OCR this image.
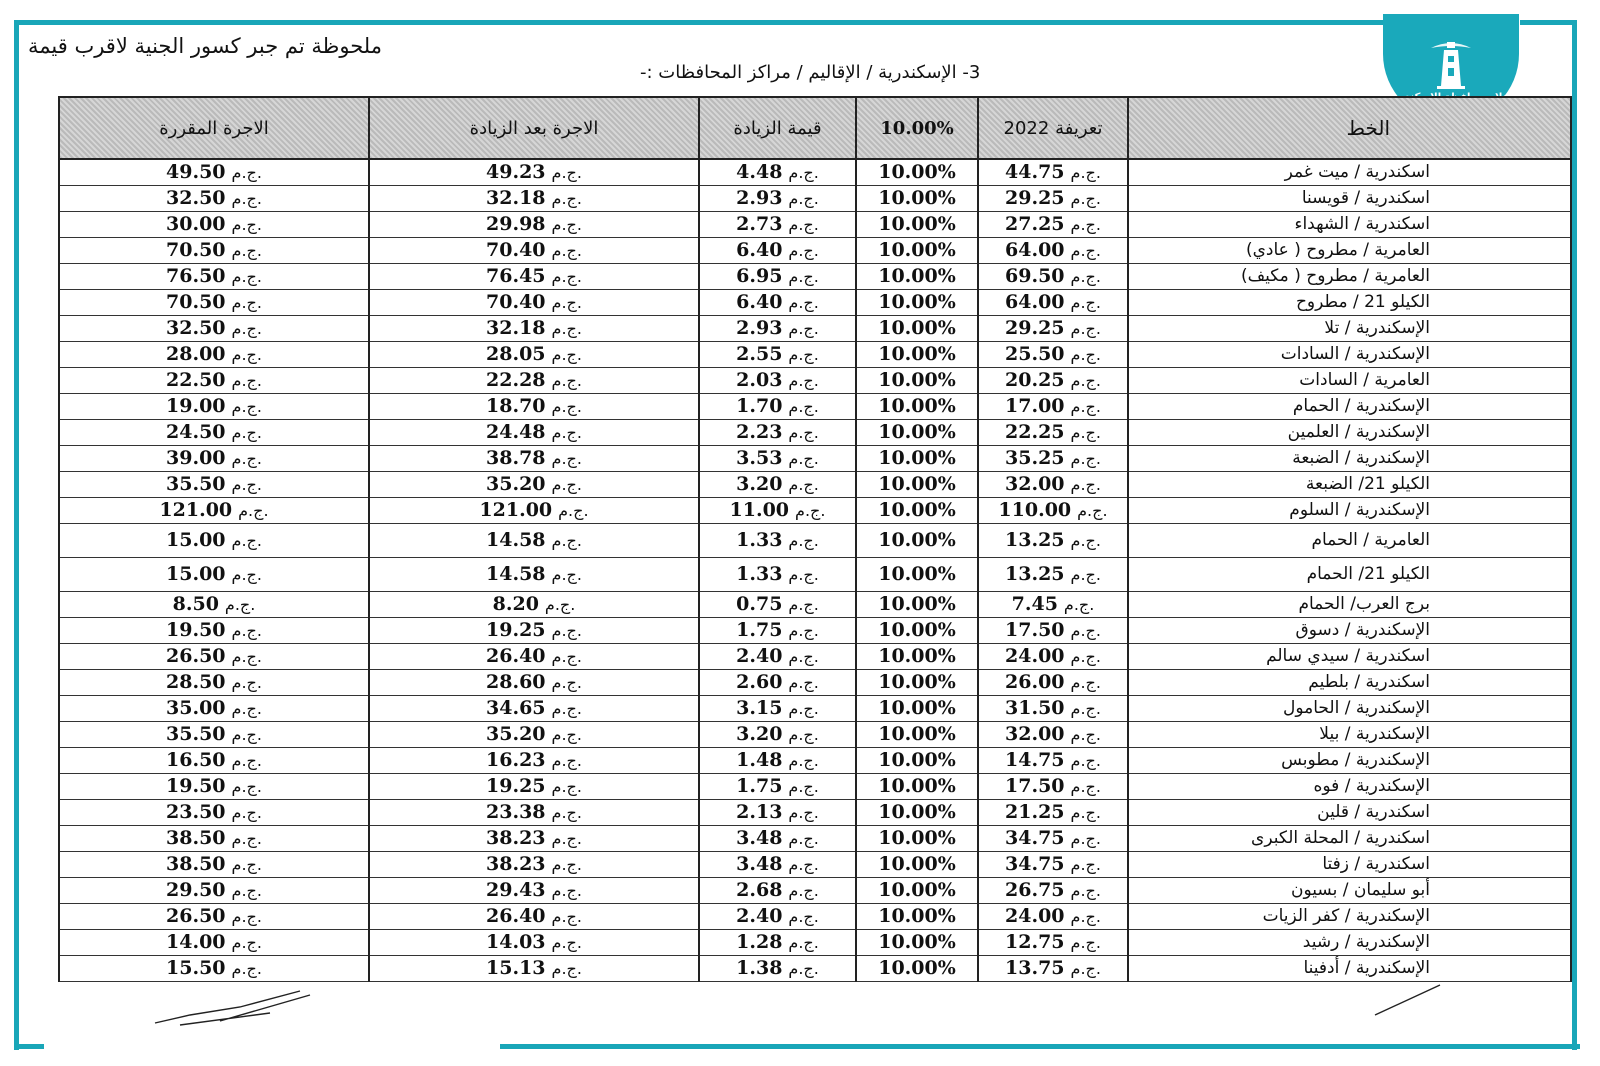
ملحوظة تم جبر كسور الجنية لاقرب قيمة
3- الإسكندرية / الإقاليم / مراكز المحافظات :-
الاجرة المقررة	الاجرة بعد الزيادة	قيمة الزيادة	10.00%	تعريفة 2022	الخط
49.50 ج.م.	49.23 ج.م.	4.48 ج.م.	10.00%	44.75 ج.م.	اسكندرية / ميت غمر
32.50 ج.م.	32.18 ج.م.	2.93 ج.م.	10.00%	29.25 ج.م.	اسكندرية / قويسنا
30.00 ج.م.	29.98 ج.م.	2.73 ج.م.	10.00%	27.25 ج.م.	اسكندرية / الشهداء
70.50 ج.م.	70.40 ج.م.	6.40 ج.م.	10.00%	64.00 ج.م.	العامرية / مطروح ( عادي)
76.50 ج.م.	76.45 ج.م.	6.95 ج.م.	10.00%	69.50 ج.م.	العامرية / مطروح ( مكيف)
70.50 ج.م.	70.40 ج.م.	6.40 ج.م.	10.00%	64.00 ج.م.	الكيلو 21 / مطروح
32.50 ج.م.	32.18 ج.م.	2.93 ج.م.	10.00%	29.25 ج.م.	الإسكندرية / تلا
28.00 ج.م.	28.05 ج.م.	2.55 ج.م.	10.00%	25.50 ج.م.	الإسكندرية / السادات
22.50 ج.م.	22.28 ج.م.	2.03 ج.م.	10.00%	20.25 ج.م.	العامرية / السادات
19.00 ج.م.	18.70 ج.م.	1.70 ج.م.	10.00%	17.00 ج.م.	الإسكندرية / الحمام
24.50 ج.م.	24.48 ج.م.	2.23 ج.م.	10.00%	22.25 ج.م.	الإسكندرية / العلمين
39.00 ج.م.	38.78 ج.م.	3.53 ج.م.	10.00%	35.25 ج.م.	الإسكندرية / الضبعة
35.50 ج.م.	35.20 ج.م.	3.20 ج.م.	10.00%	32.00 ج.م.	الكيلو 21/ الضبعة
121.00 ج.م.	121.00 ج.م.	11.00 ج.م.	10.00%	110.00 ج.م.	الإسكندرية / السلوم
15.00 ج.م.	14.58 ج.م.	1.33 ج.م.	10.00%	13.25 ج.م.	العامرية / الحمام
15.00 ج.م.	14.58 ج.م.	1.33 ج.م.	10.00%	13.25 ج.م.	الكيلو 21/ الحمام
8.50 ج.م.	8.20 ج.م.	0.75 ج.م.	10.00%	7.45 ج.م.	برج العرب/ الحمام
19.50 ج.م.	19.25 ج.م.	1.75 ج.م.	10.00%	17.50 ج.م.	الإسكندرية / دسوق
26.50 ج.م.	26.40 ج.م.	2.40 ج.م.	10.00%	24.00 ج.م.	اسكندرية / سيدي سالم
28.50 ج.م.	28.60 ج.م.	2.60 ج.م.	10.00%	26.00 ج.م.	اسكندرية / بلطيم
35.00 ج.م.	34.65 ج.م.	3.15 ج.م.	10.00%	31.50 ج.م.	الإسكندرية / الحامول
35.50 ج.م.	35.20 ج.م.	3.20 ج.م.	10.00%	32.00 ج.م.	الإسكندرية / بيلا
16.50 ج.م.	16.23 ج.م.	1.48 ج.م.	10.00%	14.75 ج.م.	الإسكندرية / مطوبس
19.50 ج.م.	19.25 ج.م.	1.75 ج.م.	10.00%	17.50 ج.م.	الإسكندرية / فوه
23.50 ج.م.	23.38 ج.م.	2.13 ج.م.	10.00%	21.25 ج.م.	اسكندرية / قلين
38.50 ج.م.	38.23 ج.م.	3.48 ج.م.	10.00%	34.75 ج.م.	اسكندرية / المحلة الكبرى
38.50 ج.م.	38.23 ج.م.	3.48 ج.م.	10.00%	34.75 ج.م.	اسكندرية / زفتا
29.50 ج.م.	29.43 ج.م.	2.68 ج.م.	10.00%	26.75 ج.م.	أبو سليمان / بسيون
26.50 ج.م.	26.40 ج.م.	2.40 ج.م.	10.00%	24.00 ج.م.	الإسكندرية / كفر الزيات
14.00 ج.م.	14.03 ج.م.	1.28 ج.م.	10.00%	12.75 ج.م.	الإسكندرية / رشيد
15.50 ج.م.	15.13 ج.م.	1.38 ج.م.	10.00%	13.75 ج.م.	الإسكندرية / أدفينا
